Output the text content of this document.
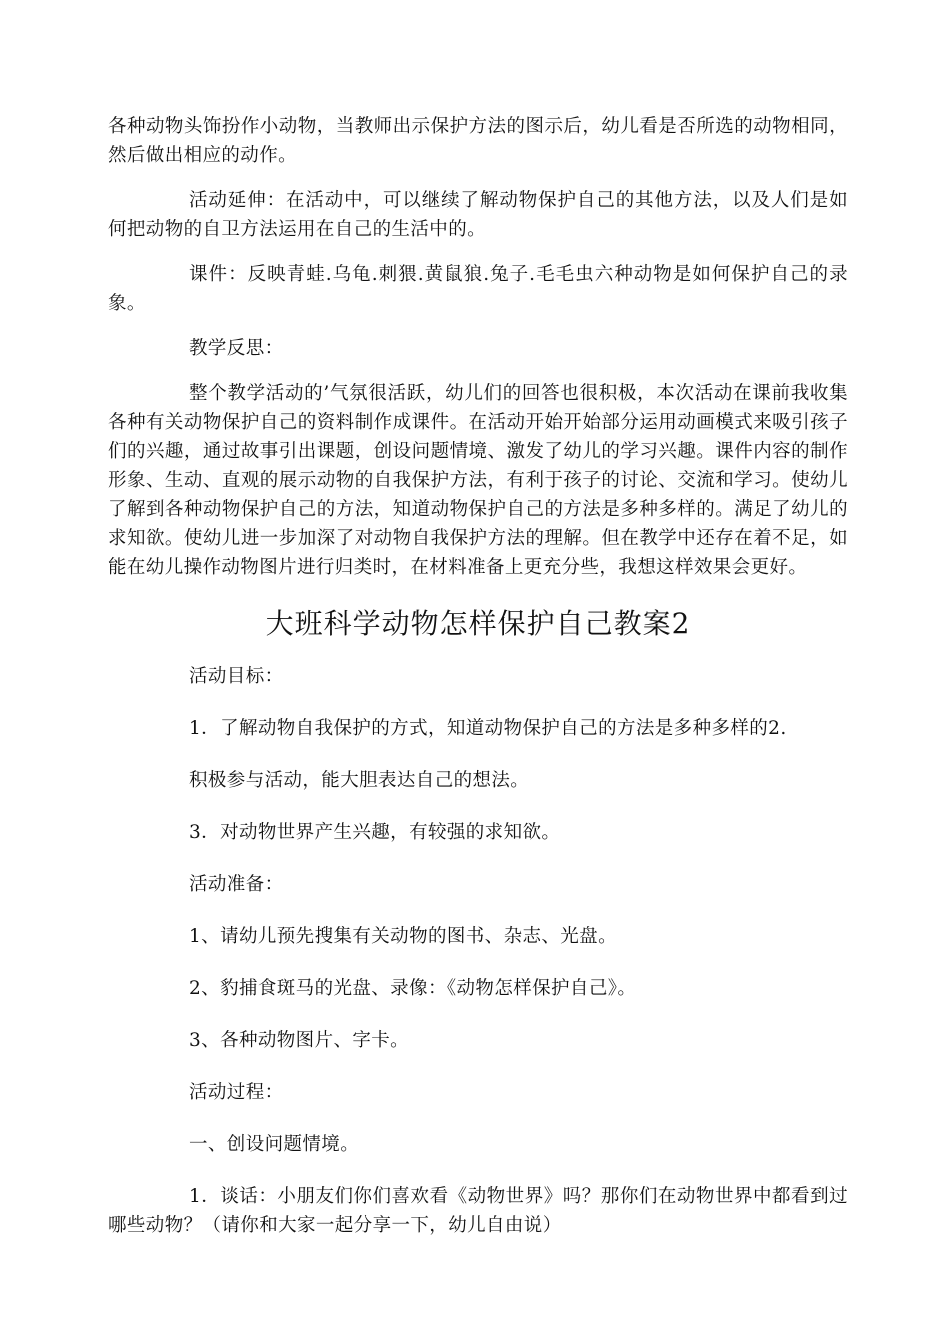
各种动物头饰扮作小动物，当教师出示保护方法的图示后，幼儿看是否所选的动物相同，然后做出相应的动作。

活动延伸：在活动中，可以继续了解动物保护自己的其他方法，以及人们是如何把动物的自卫方法运用在自己的生活中的。

课件：反映青蛙.乌龟.刺猥.黄鼠狼.兔子.毛毛虫六种动物是如何保护自己的录象。

教学反思：

整个教学活动的’气氛很活跃，幼儿们的回答也很积极，本次活动在课前我收集各种有关动物保护自己的资料制作成课件。在活动开始开始部分运用动画模式来吸引孩子们的兴趣，通过故事引出课题，创设问题情境、激发了幼儿的学习兴趣。课件内容的制作形象、生动、直观的展示动物的自我保护方法，有利于孩子的讨论、交流和学习。使幼儿了解到各种动物保护自己的方法，知道动物保护自己的方法是多种多样的。满足了幼儿的求知欲。使幼儿进一步加深了对动物自我保护方法的理解。但在教学中还存在着不足，如能在幼儿操作动物图片进行归类时，在材料准备上更充分些，我想这样效果会更好。

大班科学动物怎样保护自己教案2

活动目标：

1．了解动物自我保护的方式，知道动物保护自己的方法是多种多样的2.

积极参与活动，能大胆表达自己的想法。

3．对动物世界产生兴趣，有较强的求知欲。

活动准备：

1、请幼儿预先搜集有关动物的图书、杂志、光盘。

2、豹捕食斑马的光盘、录像：《动物怎样保护自己》。

3、各种动物图片、字卡。

活动过程：

一、创设问题情境。

1．谈话：小朋友们你们喜欢看《动物世界》吗？那你们在动物世界中都看到过哪些动物？（请你和大家一起分享一下，幼儿自由说）
